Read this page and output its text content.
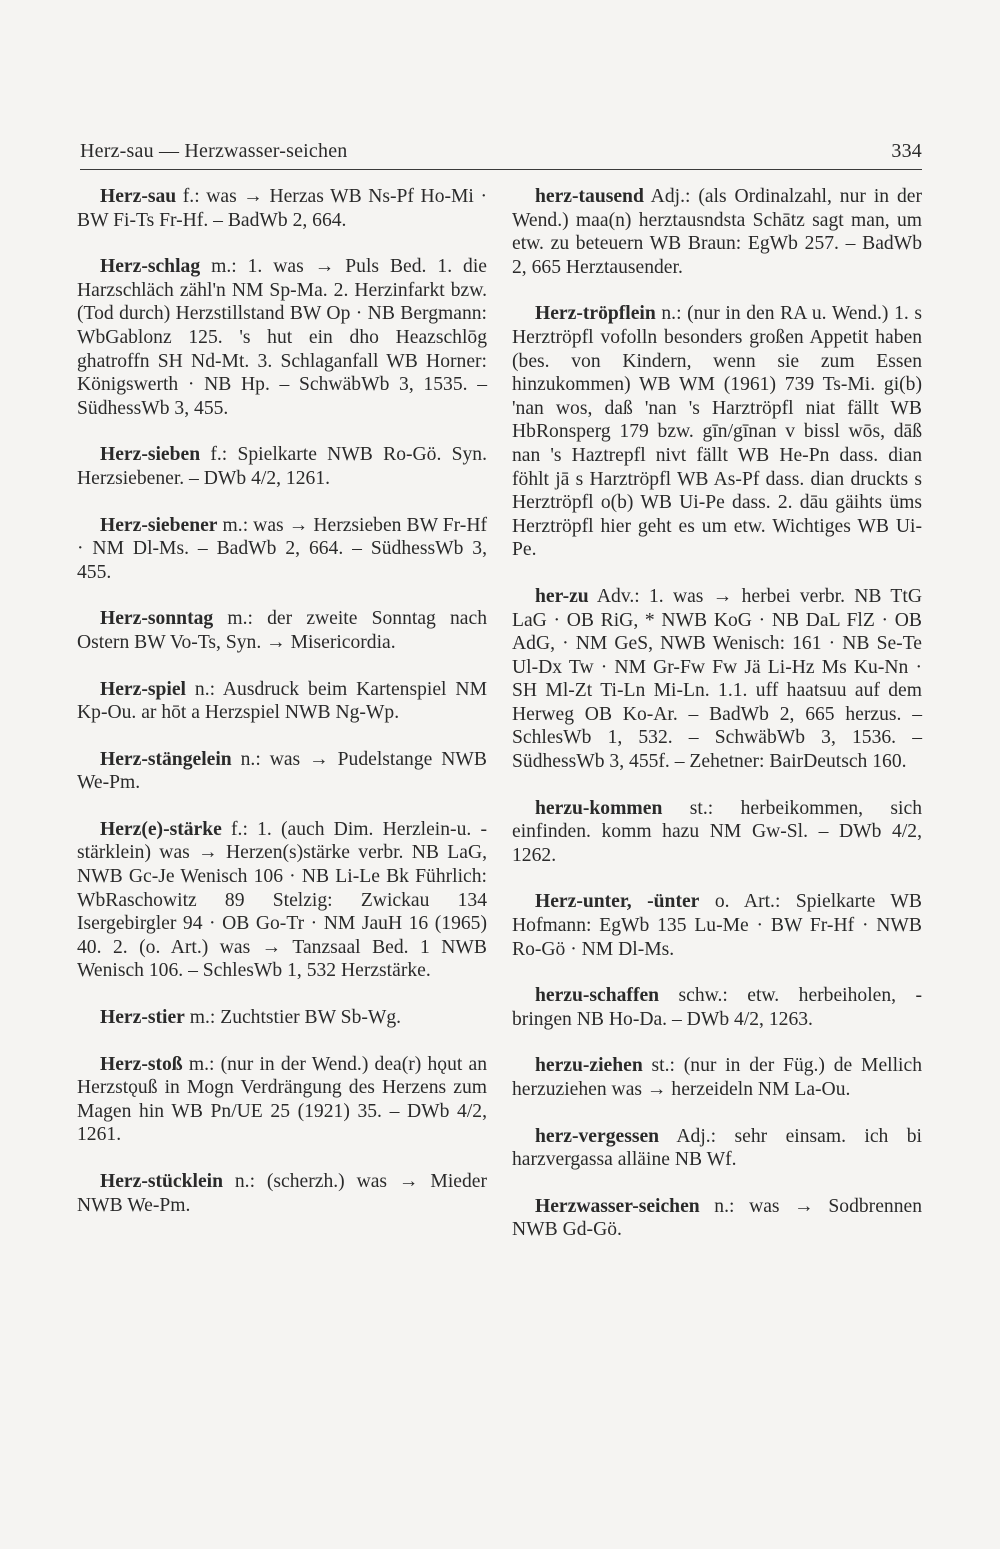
Herz-sau — Herzwasser-seichen	334

Herz-sau f.: was → Herzas WB Ns-Pf Ho-Mi · BW Fi-Ts Fr-Hf. – BadWb 2, 664.

Herz-schlag m.: 1. was → Puls Bed. 1. die Harzschläch zähl'n NM Sp-Ma. 2. Herzinfarkt bzw. (Tod durch) Herzstillstand BW Op · NB Bergmann: WbGablonz 125. 's hut ein dho Heazschlōg ghatroffn SH Nd-Mt. 3. Schlaganfall WB Horner: Königswerth · NB Hp. – SchwäbWb 3, 1535. – SüdhessWb 3, 455.

Herz-sieben f.: Spielkarte NWB Ro-Gö. Syn. Herzsiebener. – DWb 4/2, 1261.

Herz-siebener m.: was → Herzsieben BW Fr-Hf · NM Dl-Ms. – BadWb 2, 664. – SüdhessWb 3, 455.

Herz-sonntag m.: der zweite Sonntag nach Ostern BW Vo-Ts, Syn. → Misericordia.

Herz-spiel n.: Ausdruck beim Kartenspiel NM Kp-Ou. ar hōt a Herzspiel NWB Ng-Wp.

Herz-stängelein n.: was → Pudelstange NWB We-Pm.

Herz(e)-stärke f.: 1. (auch Dim. Herzlein-u. -stärklein) was → Herzen(s)stärke verbr. NB LaG, NWB Gc-Je Wenisch 106 · NB Li-Le Bk Führlich: WbRaschowitz 89 Stelzig: Zwickau 134 Isergebirgler 94 · OB Go-Tr · NM JauH 16 (1965) 40. 2. (o. Art.) was → Tanzsaal Bed. 1 NWB Wenisch 106. – SchlesWb 1, 532 Herzstärke.

Herz-stier m.: Zuchtstier BW Sb-Wg.

Herz-stoß m.: (nur in der Wend.) dea(r) hǫut an Herzstǫuß in Mogn Verdrängung des Herzens zum Magen hin WB Pn/UE 25 (1921) 35. – DWb 4/2, 1261.

Herz-stücklein n.: (scherzh.) was → Mieder NWB We-Pm.

herz-tausend Adj.: (als Ordinalzahl, nur in der Wend.) maa(n) herztausndsta Schātz sagt man, um etw. zu beteuern WB Braun: EgWb 257. – BadWb 2, 665 Herztausender.

Herz-tröpflein n.: (nur in den RA u. Wend.) 1. s Herztröpfl vofolln besonders großen Appetit haben (bes. von Kindern, wenn sie zum Essen hinzukommen) WB WM (1961) 739 Ts-Mi. gi(b) 'nan wos, daß 'nan 's Harztröpfl niat fällt WB HbRonsperg 179 bzw. gīn/gīnan v bissl wōs, dāß nan 's Haztrepfl nivt fällt WB He-Pn dass. dian föhlt jā s Harztröpfl WB As-Pf dass. dian druckts s Herztröpfl o(b) WB Ui-Pe dass. 2. dāu gäihts üms Herztröpfl hier geht es um etw. Wichtiges WB Ui-Pe.

her-zu Adv.: 1. was → herbei verbr. NB TtG LaG · OB RiG, * NWB KoG · NB DaL FlZ · OB AdG, · NM GeS, NWB Wenisch: 161 · NB Se-Te Ul-Dx Tw · NM Gr-Fw Fw Jä Li-Hz Ms Ku-Nn · SH Ml-Zt Ti-Ln Mi-Ln. 1.1. uff haatsuu auf dem Herweg OB Ko-Ar. – BadWb 2, 665 herzus. – SchlesWb 1, 532. – SchwäbWb 3, 1536. – SüdhessWb 3, 455f. – Zehetner: BairDeutsch 160.

herzu-kommen st.: herbeikommen, sich einfinden. komm hazu NM Gw-Sl. – DWb 4/2, 1262.

Herz-unter, -ünter o. Art.: Spielkarte WB Hofmann: EgWb 135 Lu-Me · BW Fr-Hf · NWB Ro-Gö · NM Dl-Ms.

herzu-schaffen schw.: etw. herbeiholen, -bringen NB Ho-Da. – DWb 4/2, 1263.

herzu-ziehen st.: (nur in der Füg.) de Mellich herzuziehen was → herzeideln NM La-Ou.

herz-vergessen Adj.: sehr einsam. ich bi harzvergassa alläine NB Wf.

Herzwasser-seichen n.: was → Sodbrennen NWB Gd-Gö.
